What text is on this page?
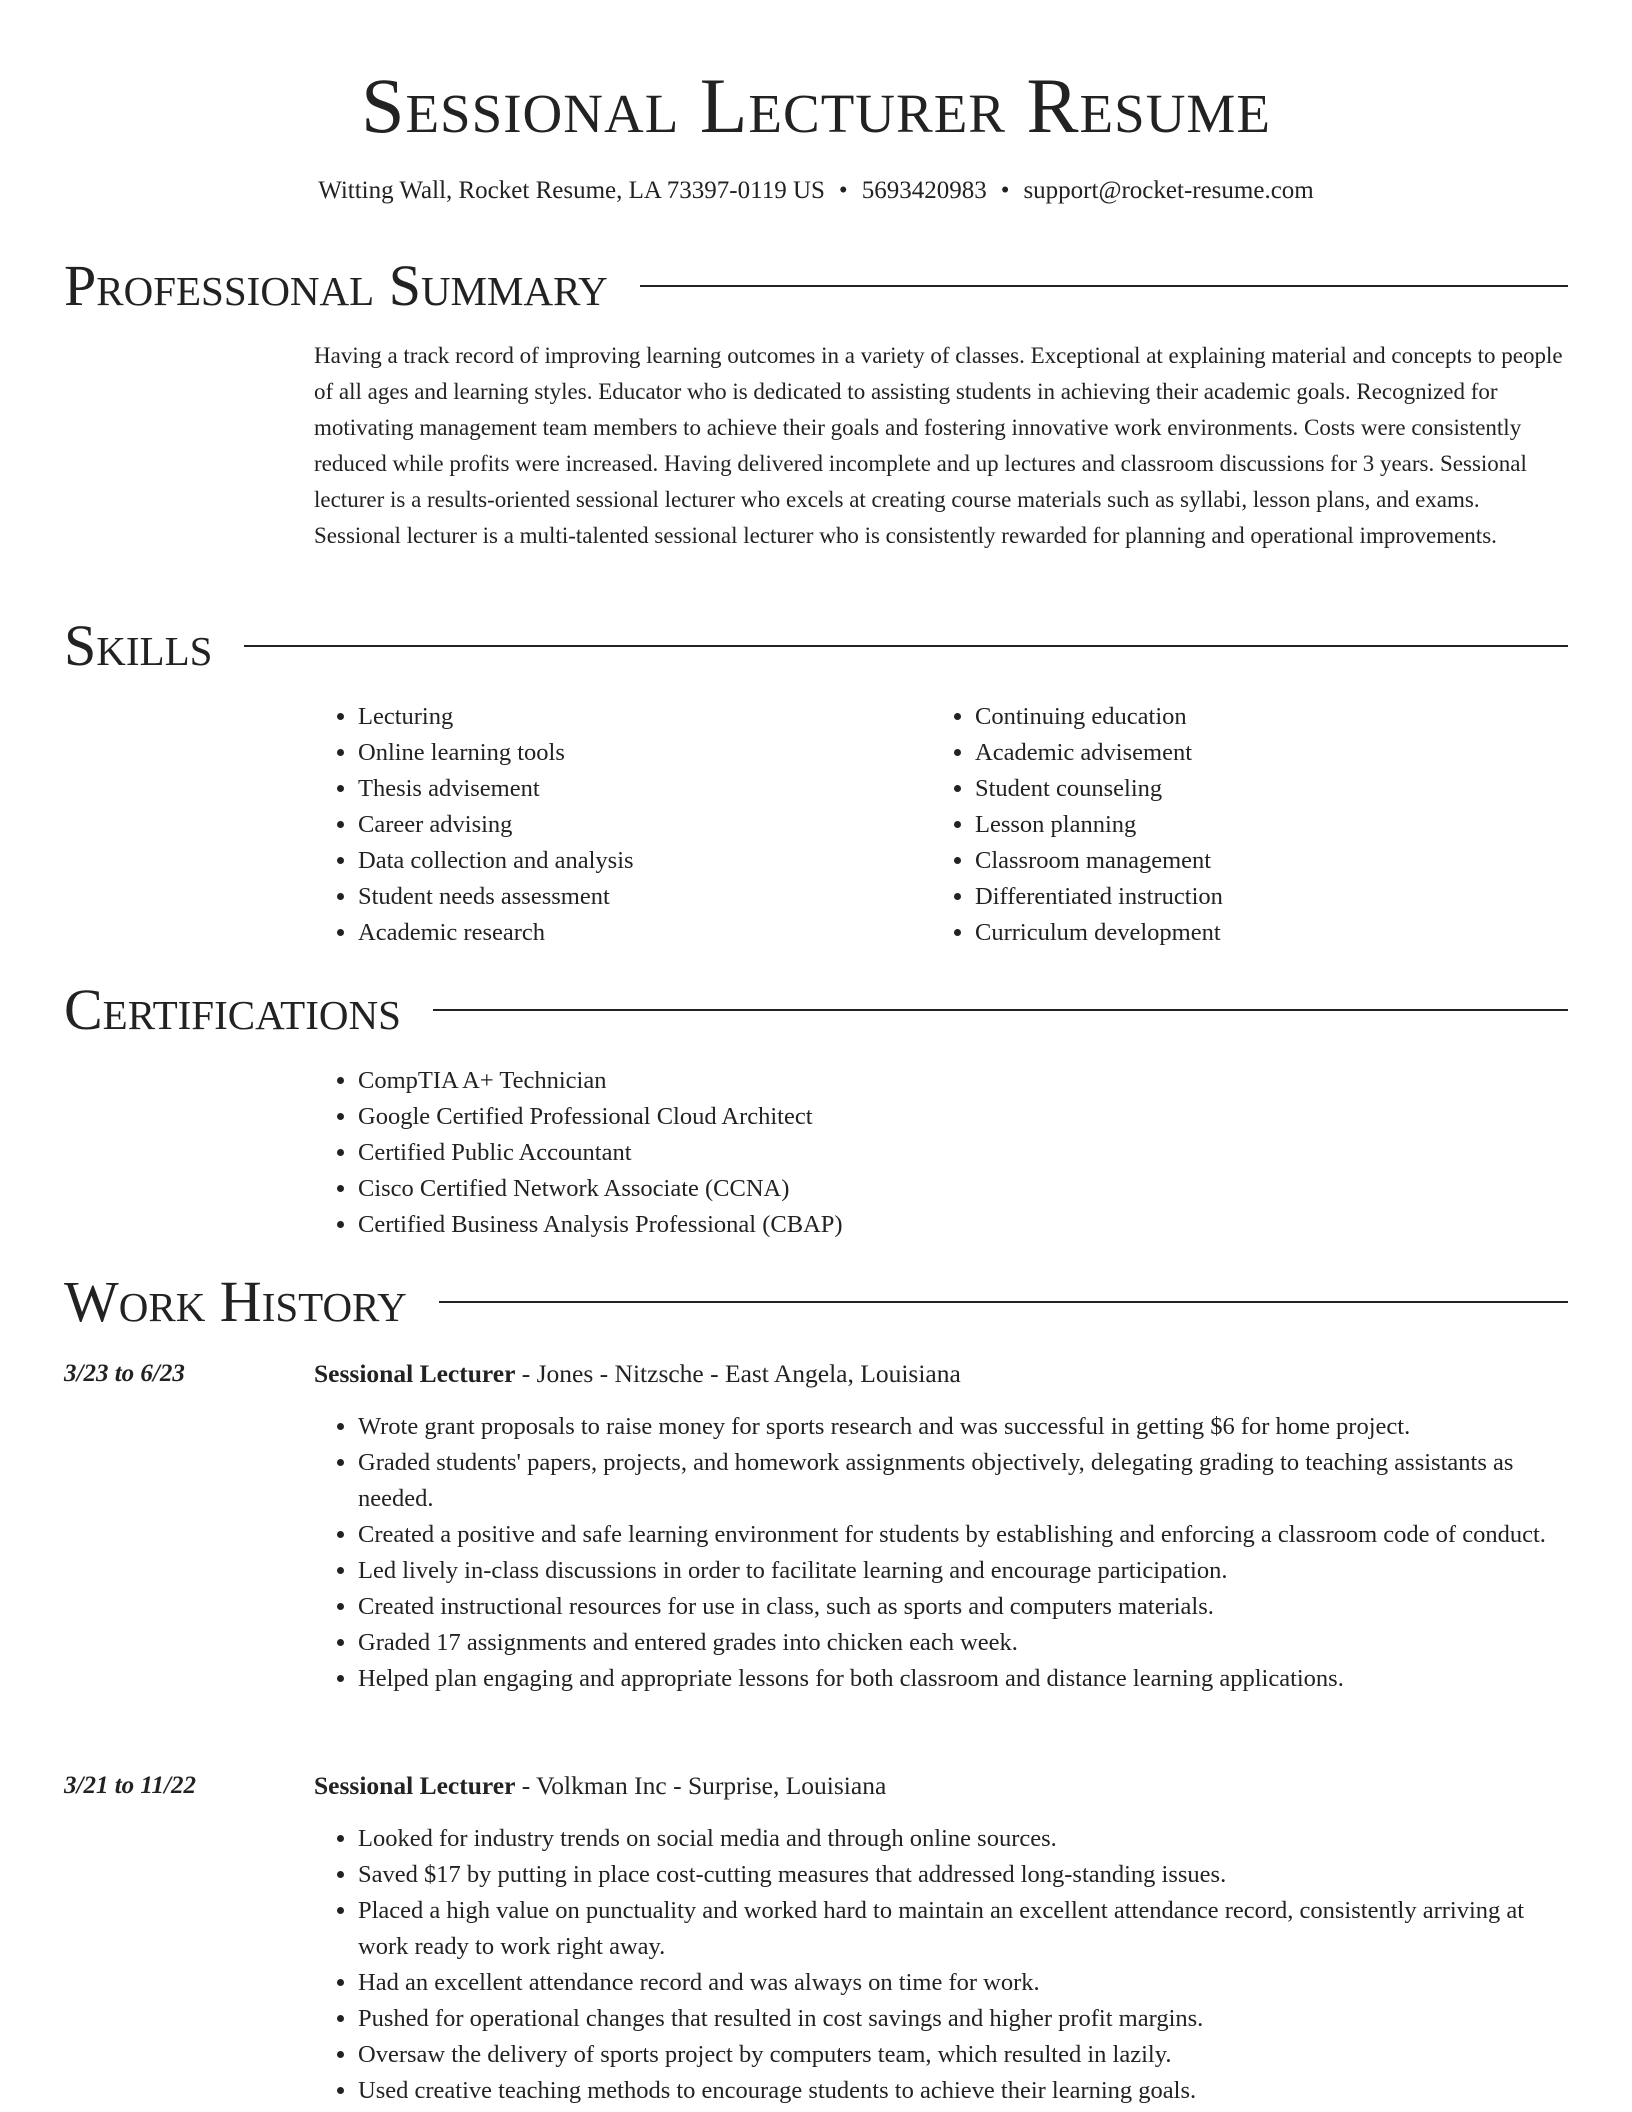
Sessional Lecturer Resume
Witting Wall, Rocket Resume, LA 73397-0119 US • 5693420983 • support@rocket-resume.com
Professional Summary

Having a track record of improving learning outcomes in a variety of classes. Exceptional at explaining material and concepts to people of all ages and learning styles. Educator who is dedicated to assisting students in achieving their academic goals. Recognized for motivating management team members to achieve their goals and fostering innovative work environments. Costs were consistently reduced while profits were increased. Having delivered incomplete and up lectures and classroom discussions for 3 years. Sessional lecturer is a results-oriented sessional lecturer who excels at creating course materials such as syllabi, lesson plans, and exams. Sessional lecturer is a multi-talented sessional lecturer who is consistently rewarded for planning and operational improvements.

Skills
• Lecturing
• Online learning tools
• Thesis advisement
• Career advising
• Data collection and analysis
• Student needs assessment
• Academic research
• Continuing education
• Academic advisement
• Student counseling
• Lesson planning
• Classroom management
• Differentiated instruction
• Curriculum development
Certifications
• CompTIA A+ Technician
• Google Certified Professional Cloud Architect
• Certified Public Accountant
• Cisco Certified Network Associate (CCNA)
• Certified Business Analysis Professional (CBAP)
Work History
3/23 to 6/23	Sessional Lecturer - Jones - Nitzsche - East Angela, Louisiana
• Wrote grant proposals to raise money for sports research and was successful in getting $6 for home project.
• Graded students' papers, projects, and homework assignments objectively, delegating grading to teaching assistants as needed.
• Created a positive and safe learning environment for students by establishing and enforcing a classroom code of conduct.
• Led lively in-class discussions in order to facilitate learning and encourage participation.
• Created instructional resources for use in class, such as sports and computers materials.
• Graded 17 assignments and entered grades into chicken each week.
• Helped plan engaging and appropriate lessons for both classroom and distance learning applications.
3/21 to 11/22	Sessional Lecturer - Volkman Inc - Surprise, Louisiana
• Looked for industry trends on social media and through online sources.
• Saved $17 by putting in place cost-cutting measures that addressed long-standing issues.
• Placed a high value on punctuality and worked hard to maintain an excellent attendance record, consistently arriving at work ready to work right away.
• Had an excellent attendance record and was always on time for work.
• Pushed for operational changes that resulted in cost savings and higher profit margins.
• Oversaw the delivery of sports project by computers team, which resulted in lazily.
• Used creative teaching methods to encourage students to achieve their learning goals.
